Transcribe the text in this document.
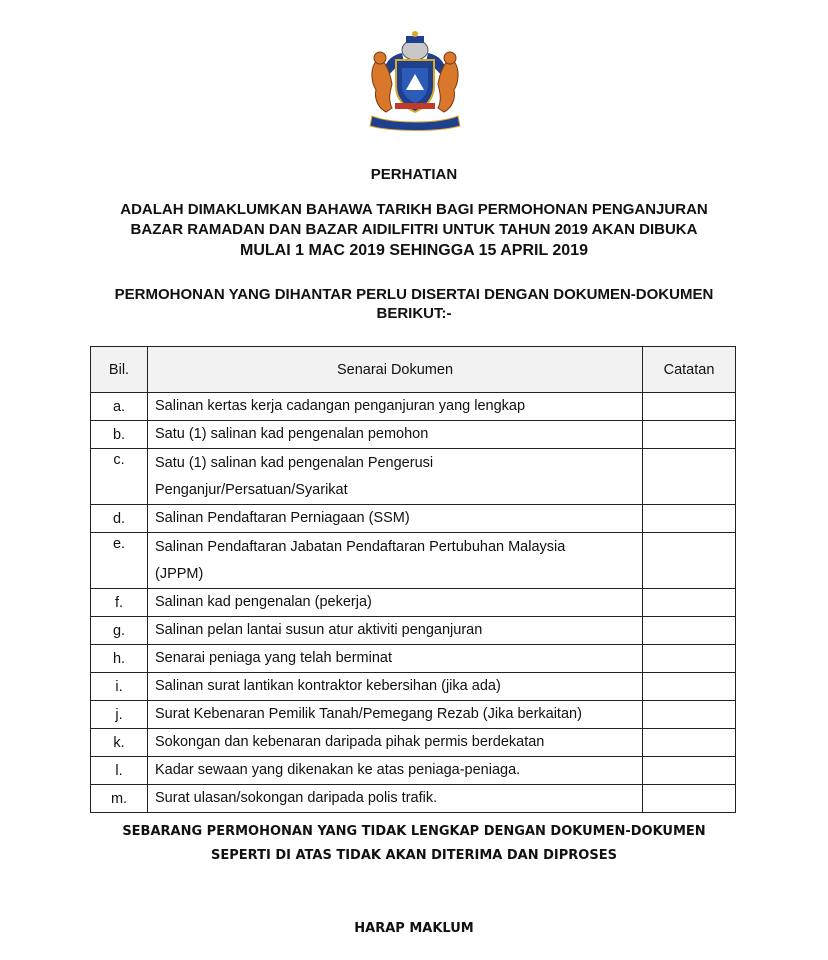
PERHATIAN
ADALAH DIMAKLUMKAN BAHAWA TARIKH BAGI PERMOHONAN PENGANJURAN
BAZAR RAMADAN DAN BAZAR AIDILFITRI UNTUK TAHUN 2019 AKAN DIBUKA
MULAI 1 MAC 2019 SEHINGGA 15 APRIL 2019
PERMOHONAN YANG DIHANTAR PERLU DISERTAI DENGAN DOKUMEN-DOKUMEN
BERIKUT:-
Bil.	Senarai Dokumen	Catatan
a.	Salinan kertas kerja cadangan penganjuran yang lengkap	
b.	Satu (1) salinan kad pengenalan pemohon	
c.	Satu (1) salinan kad pengenalan Pengerusi
Penganjur/Persatuan/Syarikat	

d.	Salinan Pendaftaran Perniagaan (SSM)	
e.	Salinan Pendaftaran Jabatan Pendaftaran Pertubuhan Malaysia
(JPPM)	

f.	Salinan kad pengenalan (pekerja)	
g.	Salinan pelan lantai susun atur aktiviti penganjuran	
h.	Senarai peniaga yang telah berminat	
i.	Salinan surat lantikan kontraktor kebersihan (jika ada)	
j.	Surat Kebenaran Pemilik Tanah/Pemegang Rezab (Jika berkaitan)	
k.	Sokongan dan kebenaran daripada pihak permis berdekatan	
l.	Kadar sewaan yang dikenakan ke atas peniaga-peniaga.	
m.	Surat ulasan/sokongan daripada polis trafik.	
SEBARANG PERMOHONAN YANG TIDAK LENGKAP DENGAN DOKUMEN-DOKUMEN
SEPERTI DI ATAS TIDAK AKAN DITERIMA DAN DIPROSES
HARAP MAKLUM
